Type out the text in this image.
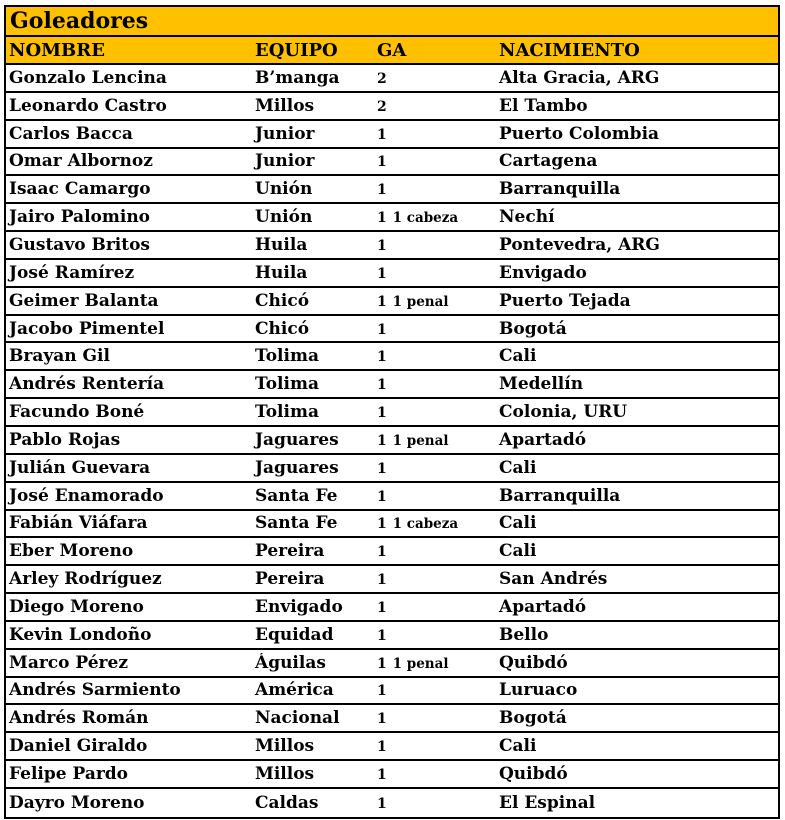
Goleadores
NOMBRE	EQUIPO	GA	NACIMIENTO
Gonzalo Lencina	B’manga	2	Alta Gracia, ARG
Leonardo Castro	Millos	2	El Tambo
Carlos Bacca	Junior	1	Puerto Colombia
Omar Albornoz	Junior	1	Cartagena
Isaac Camargo	Unión	1	Barranquilla
Jairo Palomino	Unión	1 1 cabeza	Nechí
Gustavo Britos	Huila	1	Pontevedra, ARG
José Ramírez	Huila	1	Envigado
Geimer Balanta	Chicó	1 1 penal	Puerto Tejada
Jacobo Pimentel	Chicó	1	Bogotá
Brayan Gil	Tolima	1	Cali
Andrés Rentería	Tolima	1	Medellín
Facundo Boné	Tolima	1	Colonia, URU
Pablo Rojas	Jaguares	1 1 penal	Apartadó
Julián Guevara	Jaguares	1	Cali
José Enamorado	Santa Fe	1	Barranquilla
Fabián Viáfara	Santa Fe	1 1 cabeza	Cali
Eber Moreno	Pereira	1	Cali
Arley Rodríguez	Pereira	1	San Andrés
Diego Moreno	Envigado	1	Apartadó
Kevin Londoño	Equidad	1	Bello
Marco Pérez	Águilas	1 1 penal	Quibdó
Andrés Sarmiento	América	1	Luruaco
Andrés Román	Nacional	1	Bogotá
Daniel Giraldo	Millos	1	Cali
Felipe Pardo	Millos	1	Quibdó
Dayro Moreno	Caldas	1	El Espinal
